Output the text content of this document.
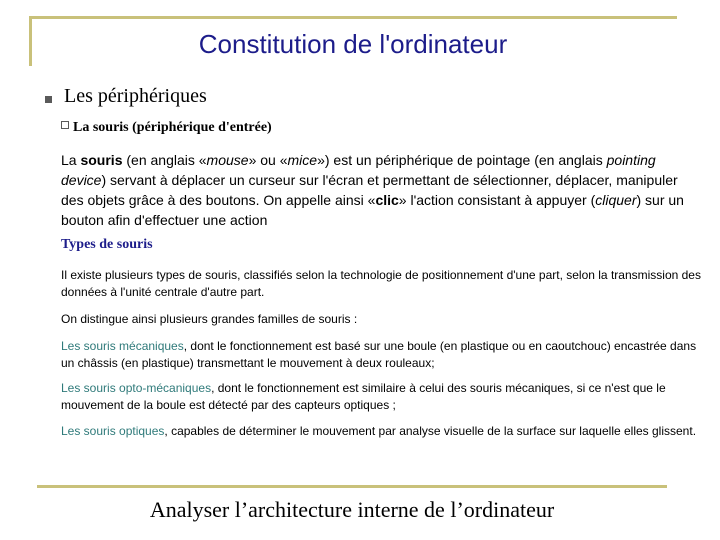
Constitution de l'ordinateur
Les périphériques
La souris (périphérique d'entrée)
La souris (en anglais «mouse» ou «mice») est un périphérique de pointage (en anglais pointing device) servant à déplacer un curseur sur l'écran et permettant de sélectionner, déplacer, manipuler des objets grâce à des boutons. On appelle ainsi «clic» l'action consistant à appuyer (cliquer) sur un bouton afin d'effectuer une action
Types de souris
Il existe plusieurs types de souris, classifiés selon la technologie de positionnement d'une part, selon la transmission des données à l'unité centrale d'autre part.
On distingue ainsi plusieurs grandes familles de souris :
Les souris mécaniques, dont le fonctionnement est basé sur une boule (en plastique ou en caoutchouc) encastrée dans un châssis (en plastique) transmettant le mouvement à deux rouleaux;
Les souris opto-mécaniques, dont le fonctionnement est similaire à celui des souris mécaniques, si ce n'est que le mouvement de la boule est détecté par des capteurs optiques ;
Les souris optiques, capables de déterminer le mouvement par analyse visuelle de la surface sur laquelle elles glissent.
Analyser l’architecture interne de l’ordinateur
